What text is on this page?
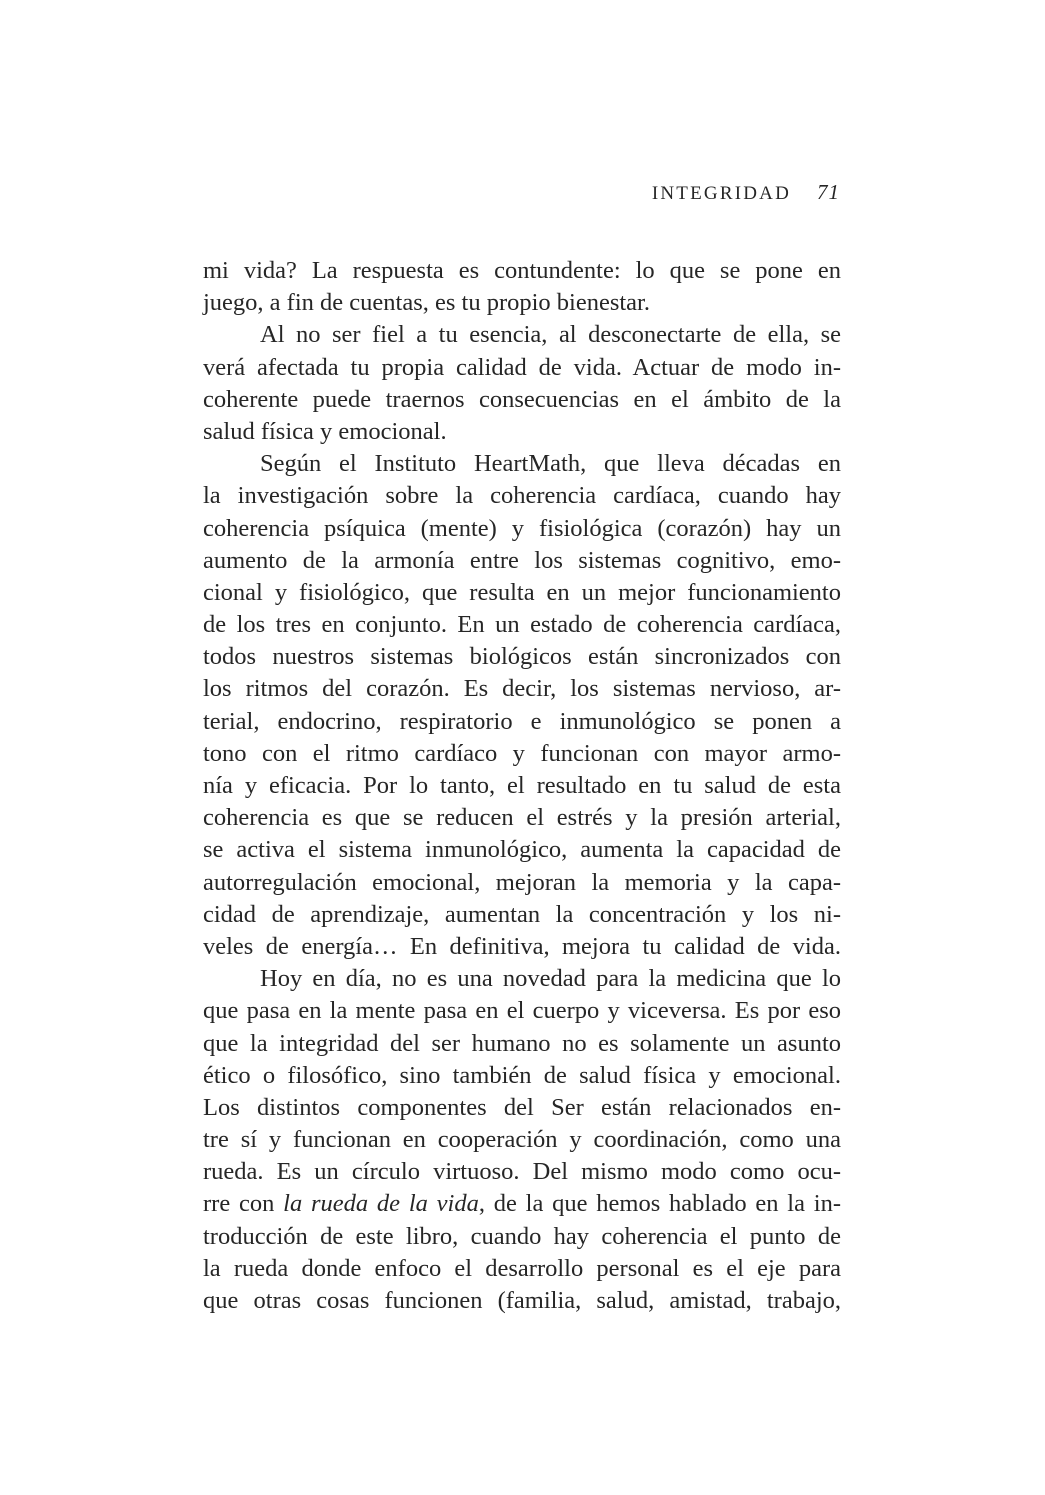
INTEGRIDAD 71
mi vida? La respuesta es contundente: lo que se pone en
juego, a fin de cuentas, es tu propio bienestar.
Al no ser fiel a tu esencia, al desconectarte de ella, se
verá afectada tu propia calidad de vida. Actuar de modo in-
coherente puede traernos consecuencias en el ámbito de la
salud física y emocional.
Según el Instituto HeartMath, que lleva décadas en
la investigación sobre la coherencia cardíaca, cuando hay
coherencia psíquica (mente) y fisiológica (corazón) hay un
aumento de la armonía entre los sistemas cognitivo, emo-
cional y fisiológico, que resulta en un mejor funcionamiento
de los tres en conjunto. En un estado de coherencia cardíaca,
todos nuestros sistemas biológicos están sincronizados con
los ritmos del corazón. Es decir, los sistemas nervioso, ar-
terial, endocrino, respiratorio e inmunológico se ponen a
tono con el ritmo cardíaco y funcionan con mayor armo-
nía y eficacia. Por lo tanto, el resultado en tu salud de esta
coherencia es que se reducen el estrés y la presión arterial,
se activa el sistema inmunológico, aumenta la capacidad de
autorregulación emocional, mejoran la memoria y la capa-
cidad de aprendizaje, aumentan la concentración y los ni-
veles de energía… En definitiva, mejora tu calidad de vida.
Hoy en día, no es una novedad para la medicina que lo
que pasa en la mente pasa en el cuerpo y viceversa. Es por eso
que la integridad del ser humano no es solamente un asunto
ético o filosófico, sino también de salud física y emocional.
Los distintos componentes del Ser están relacionados en-
tre sí y funcionan en cooperación y coordinación, como una
rueda. Es un círculo virtuoso. Del mismo modo como ocu-
rre con la rueda de la vida, de la que hemos hablado en la in-
troducción de este libro, cuando hay coherencia el punto de
la rueda donde enfoco el desarrollo personal es el eje para
que otras cosas funcionen (familia, salud, amistad, trabajo,
